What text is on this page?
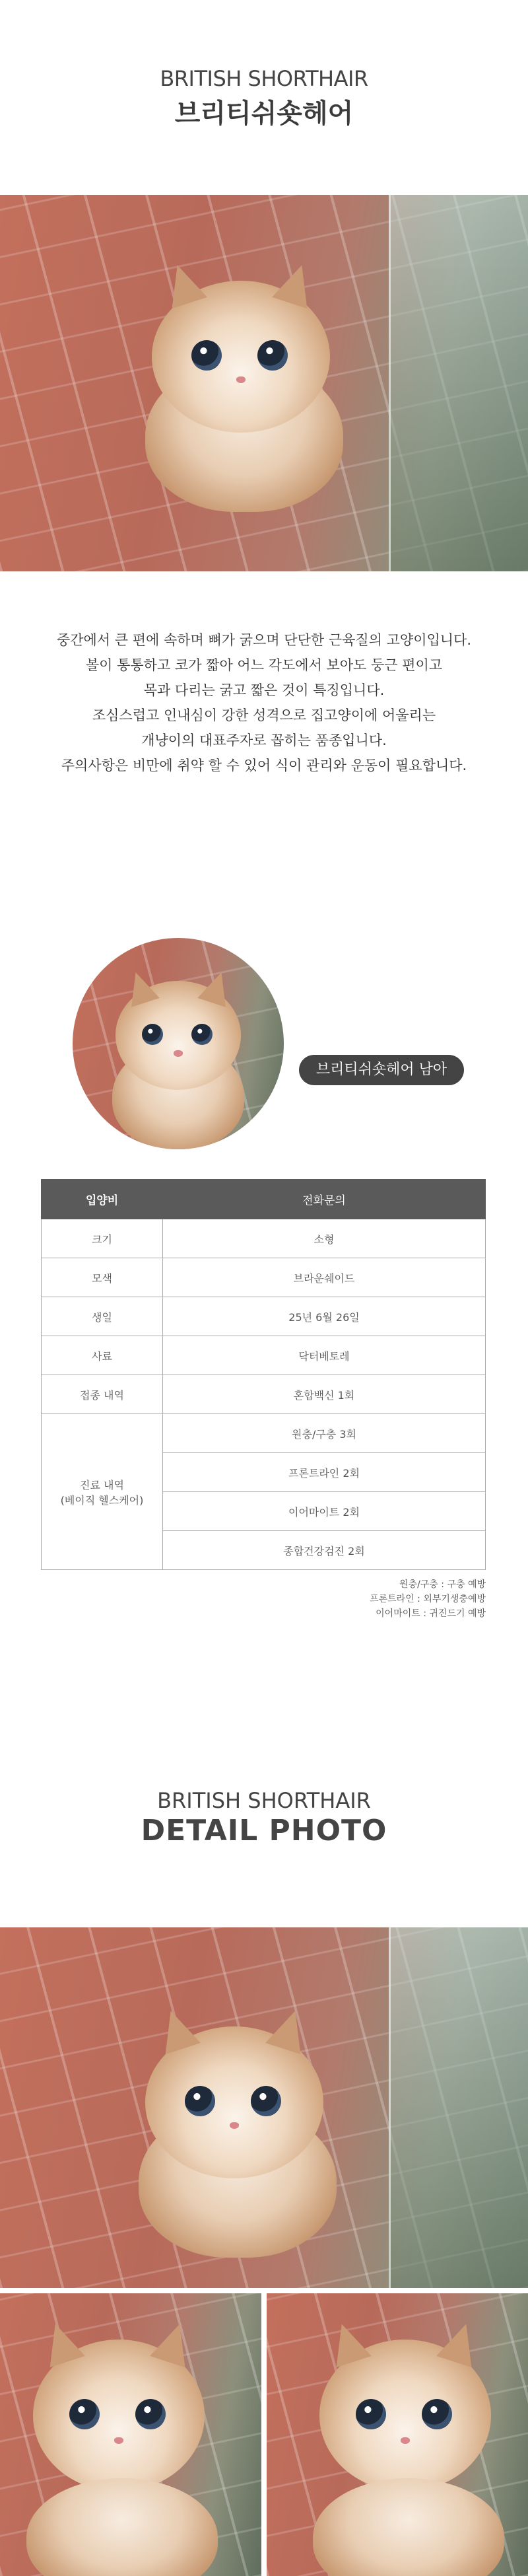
BRITISH SHORTHAIR
브리티쉬숏헤어

중간에서 큰 편에 속하며 뼈가 굵으며 단단한 근육질의 고양이입니다.

볼이 통통하고 코가 짧아 어느 각도에서 보아도 둥근 편이고

목과 다리는 굵고 짧은 것이 특징입니다.

조심스럽고 인내심이 강한 성격으로 집고양이에 어울리는

개냥이의 대표주자로 꼽히는 품종입니다.

주의사항은 비만에 취약 할 수 있어 식이 관리와 운동이 필요합니다.

브리티쉬숏헤어 남아
입양비	전화문의
크기	소형
모색	브라운쉐이드
생일	25년 6월 26일
사료	닥터베토레
접종 내역	혼합백신 1회

진료 내역
(베이직 헬스케어)	원충/구충 3회
	프론트라인 2회
	이어마이트 2회
	종합건강검진 2회

원충/구충 : 구충 예방

프론트라인 : 외부기생충예방

이어마이트 : 귀진드기 예방

BRITISH SHORTHAIR
DETAIL PHOTO
